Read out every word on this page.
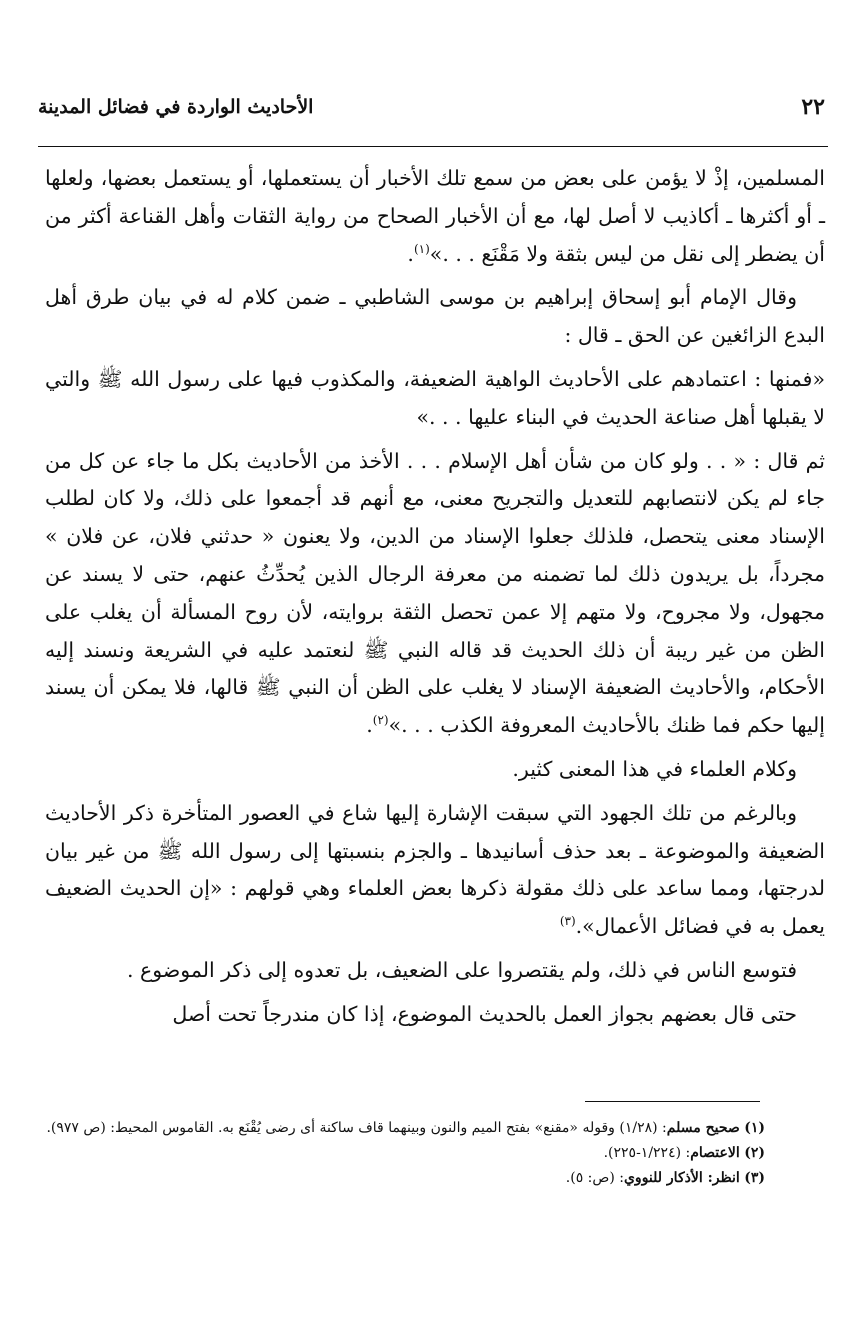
٢٢
الأحاديث الواردة في فضائل المدينة

المسلمين، إذْ لا يؤمن على بعض من سمع تلك الأخبار أن يستعملها، أو يستعمل بعضها، ولعلها ـ أو أكثرها ـ أكاذيب لا أصل لها، مع أن الأخبار الصحاح من رواية الثقات وأهل القناعة أكثر من أن يضطر إلى نقل من ليس بثقة ولا مَقْنَع . . .»$^{(١)}$.

وقال الإمام أبو إسحاق إبراهيم بن موسى الشاطبي ـ ضمن كلام له في بيان طرق أهل البدع الزائغين عن الحق ـ قال :

«فمنها : اعتمادهم على الأحاديث الواهية الضعيفة، والمكذوب فيها على رسول الله ﷺ والتي لا يقبلها أهل صناعة الحديث في البناء عليها . . .»

ثم قال : « . . ولو كان من شأن أهل الإسلام . . . الأخذ من الأحاديث بكل ما جاء عن كل من جاء لم يكن لانتصابهم للتعديل والتجريح معنى، مع أنهم قد أجمعوا على ذلك، ولا كان لطلب الإسناد معنى يتحصل، فلذلك جعلوا الإسناد من الدين، ولا يعنون « حدثني فلان، عن فلان » مجرداً، بل يريدون ذلك لما تضمنه من معرفة الرجال الذين يُحدِّثُ عنهم، حتى لا يسند عن مجهول، ولا مجروح، ولا متهم إلا عمن تحصل الثقة بروايته، لأن روح المسألة أن يغلب على الظن من غير ريبة أن ذلك الحديث قد قاله النبي ﷺ لنعتمد عليه في الشريعة ونسند إليه الأحكام، والأحاديث الضعيفة الإسناد لا يغلب على الظن أن النبي ﷺ قالها، فلا يمكن أن يسند إليها حكم فما ظنك بالأحاديث المعروفة الكذب . . .»$^{(٢)}$.

وكلام العلماء في هذا المعنى كثير.

وبالرغم من تلك الجهود التي سبقت الإشارة إليها شاع في العصور المتأخرة ذكر الأحاديث الضعيفة والموضوعة ـ بعد حذف أسانيدها ـ والجزم بنسبتها إلى رسول الله ﷺ من غير بيان لدرجتها، ومما ساعد على ذلك مقولة ذكرها بعض العلماء وهي قولهم : «إن الحديث الضعيف يعمل به في فضائل الأعمال».$^{(٣)}$

فتوسع الناس في ذلك، ولم يقتصروا على الضعيف، بل تعدوه إلى ذكر الموضوع .

حتى قال بعضهم بجواز العمل بالحديث الموضوع، إذا كان مندرجاً تحت أصل

(١) صحيح مسلم: (١/٢٨) وقوله «مقنع» بفتح الميم والنون وبينهما قاف ساكنة أى رضى يُقْنَع به. القاموس المحيط: (ص ٩٧٧).

(٢) الاعتصام: (١/٢٢٤-٢٢٥).

(٣) انظر: الأذكار للنووي: (ص: ٥).
